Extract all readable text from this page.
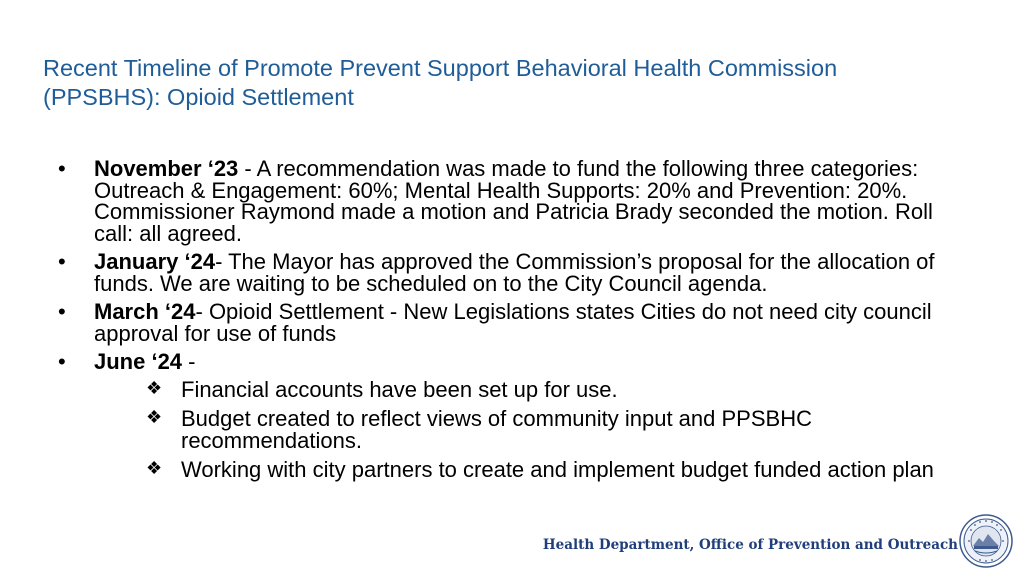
Recent Timeline of Promote Prevent Support Behavioral Health Commission
(PPSBHS): Opioid Settlement
• November ‘23 - A recommendation was made to fund the following three categories: Outreach & Engagement: 60%; Mental Health Supports: 20% and Prevention: 20%. Commissioner Raymond made a motion and Patricia Brady seconded the motion. Roll call: all agreed.
• January ‘24- The Mayor has approved the Commission’s proposal for the allocation of funds. We are waiting to be scheduled on to the City Council agenda.
• March ‘24- Opioid Settlement - New Legislations states Cities do not need city council approval for use of funds
• June ‘24 -
❖ Financial accounts have been set up for use.
❖ Budget created to reflect views of community input and PPSBHC recommendations.
❖ Working with city partners to create and implement budget funded action plan
Health Department, Office of Prevention and Outreach
